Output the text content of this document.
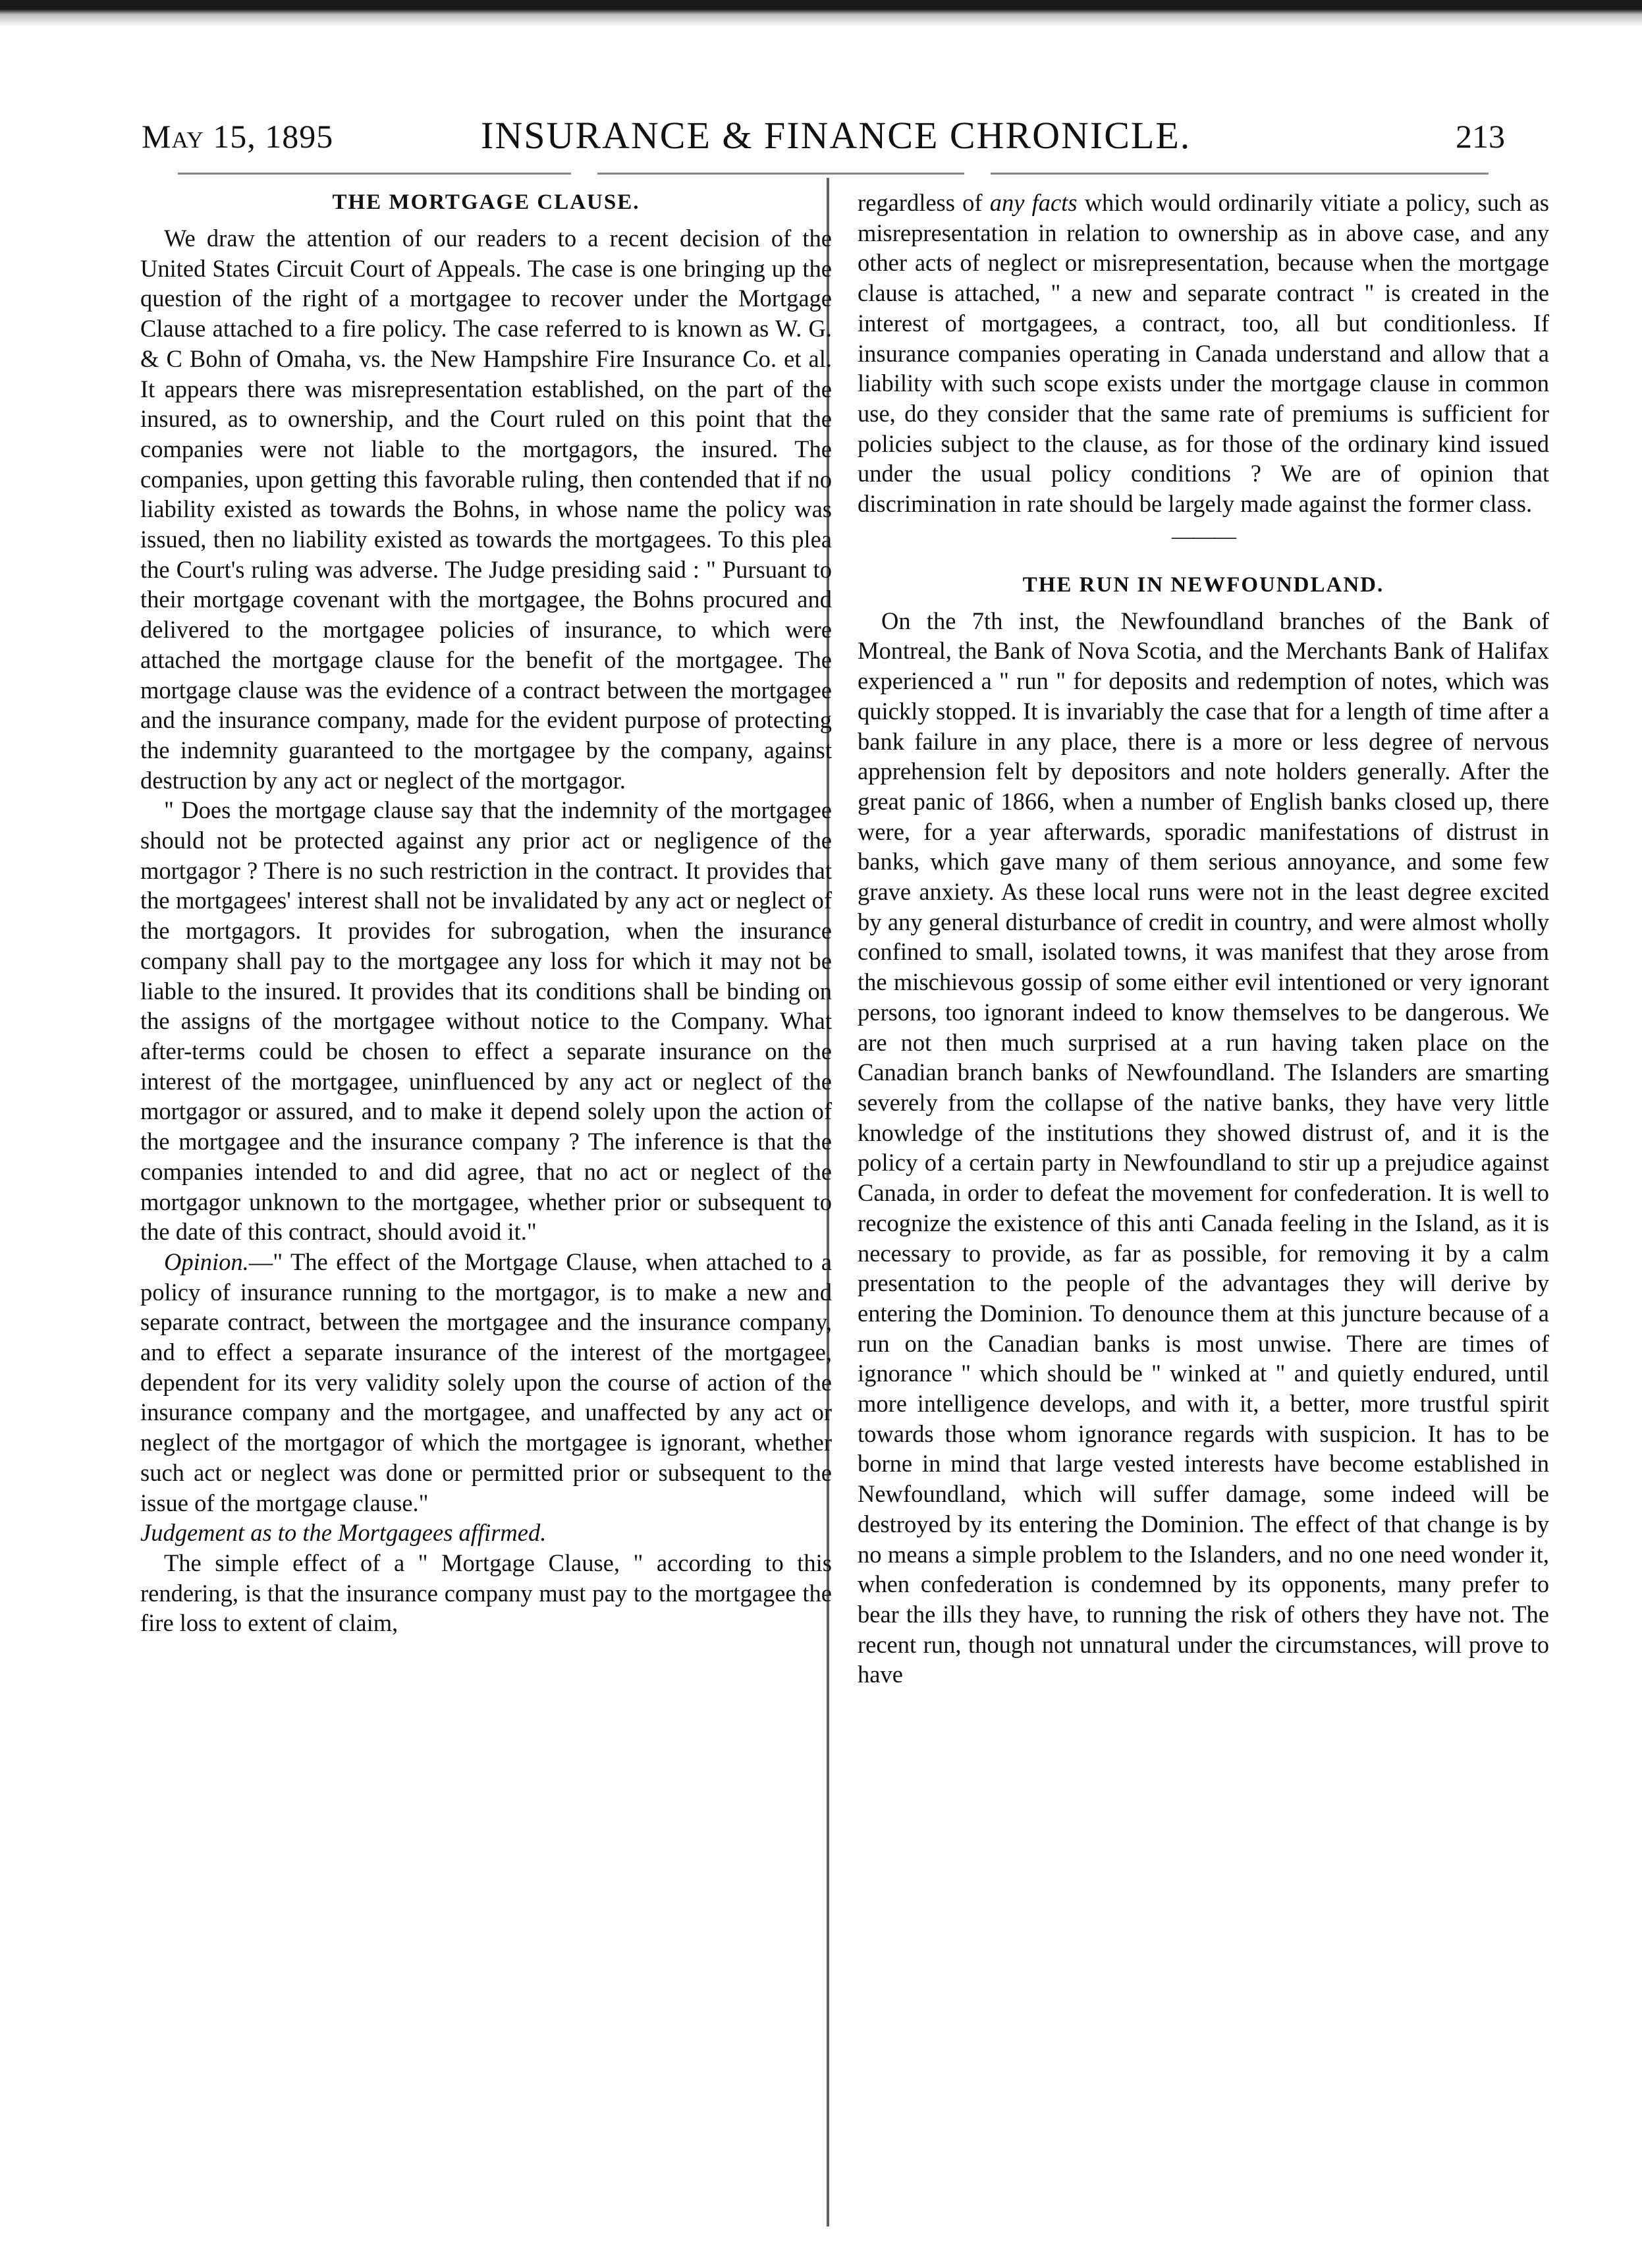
May 15, 1895	INSURANCE & FINANCE CHRONICLE.	213
THE MORTGAGE CLAUSE.

We draw the attention of our readers to a recent decision of the United States Circuit Court of Appeals. The case is one bringing up the question of the right of a mortgagee to recover under the Mortgage Clause attached to a fire policy. The case referred to is known as W. G. & C Bohn of Omaha, vs. the New Hampshire Fire Insurance Co. et al. It appears there was misrepresentation established, on the part of the insured, as to ownership, and the Court ruled on this point that the companies were not liable to the mortgagors, the insured. The companies, upon getting this favorable ruling, then contended that if no liability existed as towards the Bohns, in whose name the policy was issued, then no liability existed as towards the mortgagees. To this plea the Court's ruling was adverse. The Judge presiding said : " Pursuant to their mortgage covenant with the mortgagee, the Bohns procured and delivered to the mortgagee policies of insurance, to which were attached the mortgage clause for the benefit of the mortgagee. The mortgage clause was the evidence of a contract between the mortgagee and the insurance company, made for the evident purpose of protecting the indemnity guaranteed to the mortgagee by the company, against destruction by any act or neglect of the mortgagor.

" Does the mortgage clause say that the indemnity of the mortgagee should not be protected against any prior act or negligence of the mortgagor ? There is no such restriction in the contract. It provides that the mortgagees' interest shall not be invalidated by any act or neglect of the mortgagors. It provides for subrogation, when the insurance company shall pay to the mortgagee any loss for which it may not be liable to the insured. It provides that its conditions shall be binding on the assigns of the mortgagee without notice to the Company. What after-terms could be chosen to effect a separate insurance on the interest of the mortgagee, uninfluenced by any act or neglect of the mortgagor or assured, and to make it depend solely upon the action of the mortgagee and the insurance company ? The inference is that the companies intended to and did agree, that no act or neglect of the mortgagor unknown to the mortgagee, whether prior or subsequent to the date of this contract, should avoid it."

Opinion.—" The effect of the Mortgage Clause, when attached to a policy of insurance running to the mortgagor, is to make a new and separate contract, between the mortgagee and the insurance company, and to effect a separate insurance of the interest of the mortgagee, dependent for its very validity solely upon the course of action of the insurance company and the mortgagee, and unaffected by any act or neglect of the mortgagor of which the mortgagee is ignorant, whether such act or neglect was done or permitted prior or subsequent to the issue of the mortgage clause."

Judgement as to the Mortgagees affirmed.

The simple effect of a " Mortgage Clause, " according to this rendering, is that the insurance company must pay to the mortgagee the fire loss to extent of claim,

regardless of any facts which would ordinarily vitiate a policy, such as misrepresentation in relation to ownership as in above case, and any other acts of neglect or misrepresentation, because when the mortgage clause is attached, " a new and separate contract " is created in the interest of mortgagees, a contract, too, all but conditionless. If insurance companies operating in Canada understand and allow that a liability with such scope exists under the mortgage clause in common use, do they consider that the same rate of premiums is sufficient for policies subject to the clause, as for those of the ordinary kind issued under the usual policy conditions ? We are of opinion that discrimination in rate should be largely made against the former class.

———
THE RUN IN NEWFOUNDLAND.

On the 7th inst, the Newfoundland branches of the Bank of Montreal, the Bank of Nova Scotia, and the Merchants Bank of Halifax experienced a " run " for deposits and redemption of notes, which was quickly stopped. It is invariably the case that for a length of time after a bank failure in any place, there is a more or less degree of nervous apprehension felt by depositors and note holders generally. After the great panic of 1866, when a number of English banks closed up, there were, for a year afterwards, sporadic manifestations of distrust in banks, which gave many of them serious annoyance, and some few grave anxiety. As these local runs were not in the least degree excited by any general disturbance of credit in country, and were almost wholly confined to small, isolated towns, it was manifest that they arose from the mischievous gossip of some either evil intentioned or very ignorant persons, too ignorant indeed to know themselves to be dangerous. We are not then much surprised at a run having taken place on the Canadian branch banks of Newfoundland. The Islanders are smarting severely from the collapse of the native banks, they have very little knowledge of the institutions they showed distrust of, and it is the policy of a certain party in Newfoundland to stir up a prejudice against Canada, in order to defeat the movement for confederation. It is well to recognize the existence of this anti Canada feeling in the Island, as it is necessary to provide, as far as possible, for removing it by a calm presentation to the people of the advantages they will derive by entering the Dominion. To denounce them at this juncture because of a run on the Canadian banks is most unwise. There are times of ignorance " which should be " winked at " and quietly endured, until more intelligence develops, and with it, a better, more trustful spirit towards those whom ignorance regards with suspicion. It has to be borne in mind that large vested interests have become established in Newfoundland, which will suffer damage, some indeed will be destroyed by its entering the Dominion. The effect of that change is by no means a simple problem to the Islanders, and no one need wonder it, when confederation is condemned by its opponents, many prefer to bear the ills they have, to running the risk of others they have not. The recent run, though not unnatural under the circumstances, will prove to have
